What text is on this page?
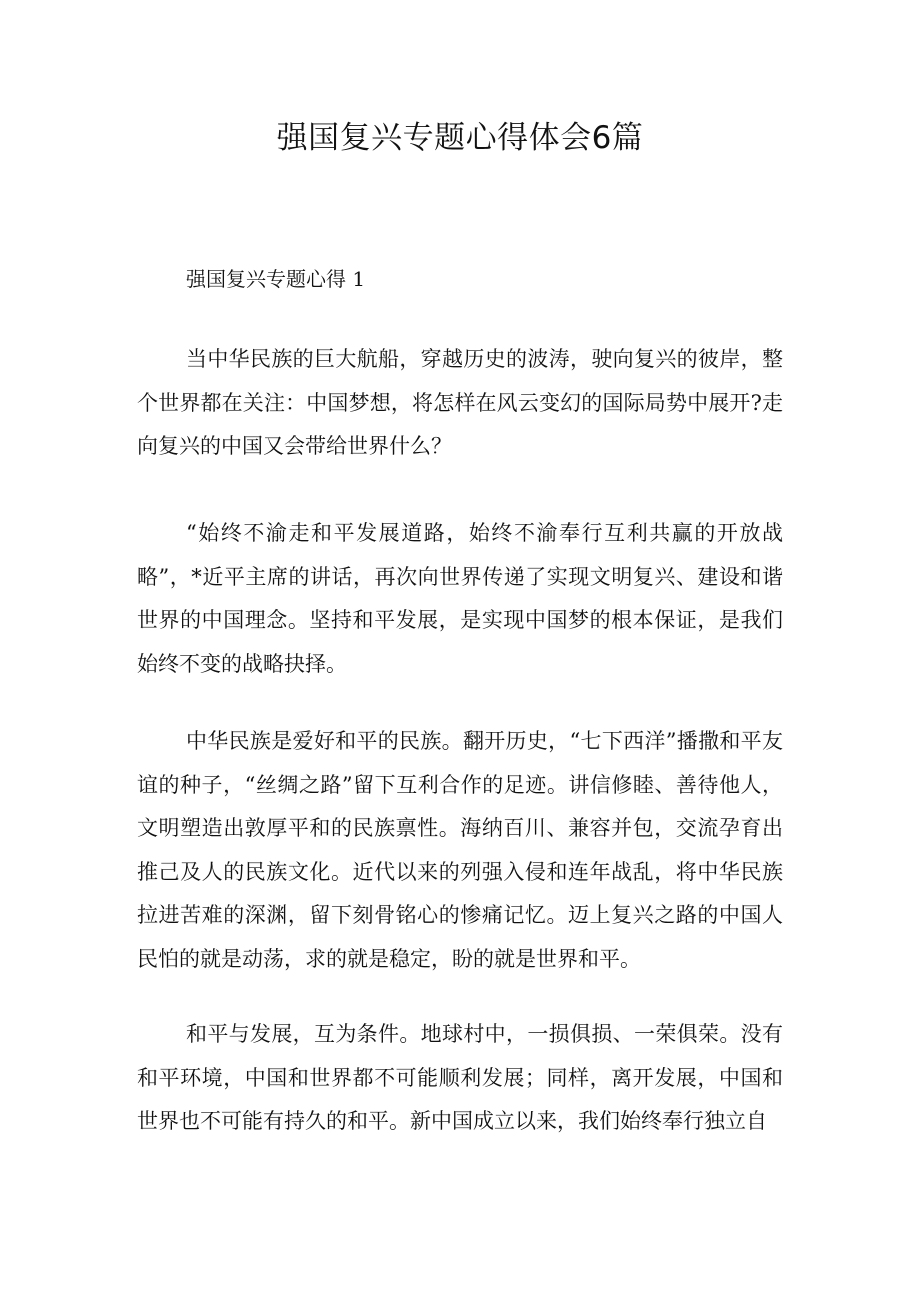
强国复兴专题心得体会6篇
强国复兴专题心得 1

当中华民族的巨大航船，穿越历史的波涛，驶向复兴的彼岸，整个世界都在关注：中国梦想，将怎样在风云变幻的国际局势中展开?走向复兴的中国又会带给世界什么？

“始终不渝走和平发展道路，始终不渝奉行互利共赢的开放战略”，*近平主席的讲话，再次向世界传递了实现文明复兴、建设和谐世界的中国理念。坚持和平发展，是实现中国梦的根本保证，是我们始终不变的战略抉择。

中华民族是爱好和平的民族。翻开历史，“七下西洋”播撒和平友谊的种子，“丝绸之路”留下互利合作的足迹。讲信修睦、善待他人，文明塑造出敦厚平和的民族禀性。海纳百川、兼容并包，交流孕育出推己及人的民族文化。近代以来的列强入侵和连年战乱，将中华民族拉进苦难的深渊，留下刻骨铭心的惨痛记忆。迈上复兴之路的中国人民怕的就是动荡，求的就是稳定，盼的就是世界和平。

和平与发展，互为条件。地球村中，一损俱损、一荣俱荣。没有和平环境，中国和世界都不可能顺利发展；同样，离开发展，中国和世界也不可能有持久的和平。新中国成立以来，我们始终奉行独立自
